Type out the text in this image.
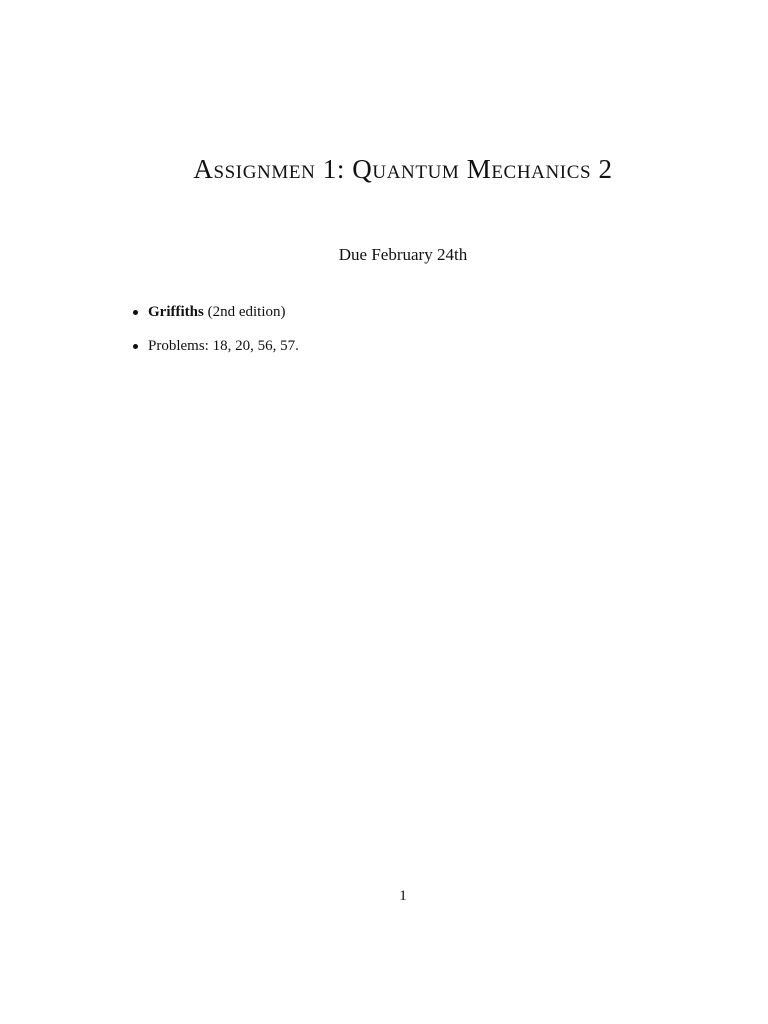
Assignmen 1: Quantum Mechanics 2
Due February 24th
Griffiths (2nd edition)
Problems: 18, 20, 56, 57.
1
